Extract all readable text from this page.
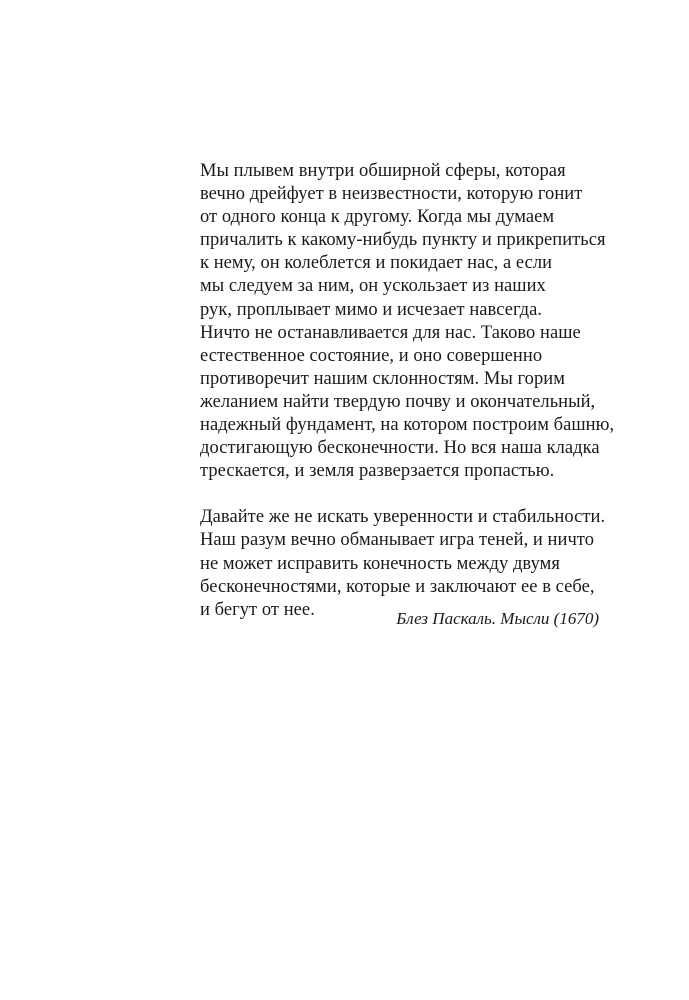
Мы плывем внутри обширной сферы, которая
вечно дрейфует в неизвестности, которую гонит
от одного конца к другому. Когда мы думаем
причалить к какому-нибудь пункту и прикрепиться
к нему, он колеблется и покидает нас, а если
мы следуем за ним, он ускользает из наших
рук, проплывает мимо и исчезает навсегда.
Ничто не останавливается для нас. Таково наше
естественное состояние, и оно совершенно
противоречит нашим склонностям. Мы горим
желанием найти твердую почву и окончательный,
надежный фундамент, на котором построим башню,
достигающую бесконечности. Но вся наша кладка
трескается, и земля разверзается пропастью.

Давайте же не искать уверенности и стабильности.
Наш разум вечно обманывает игра теней, и ничто
не может исправить конечность между двумя
бесконечностями, которые и заключают ее в себе,
и бегут от нее.	Блез Паскаль. Мысли (1670)
